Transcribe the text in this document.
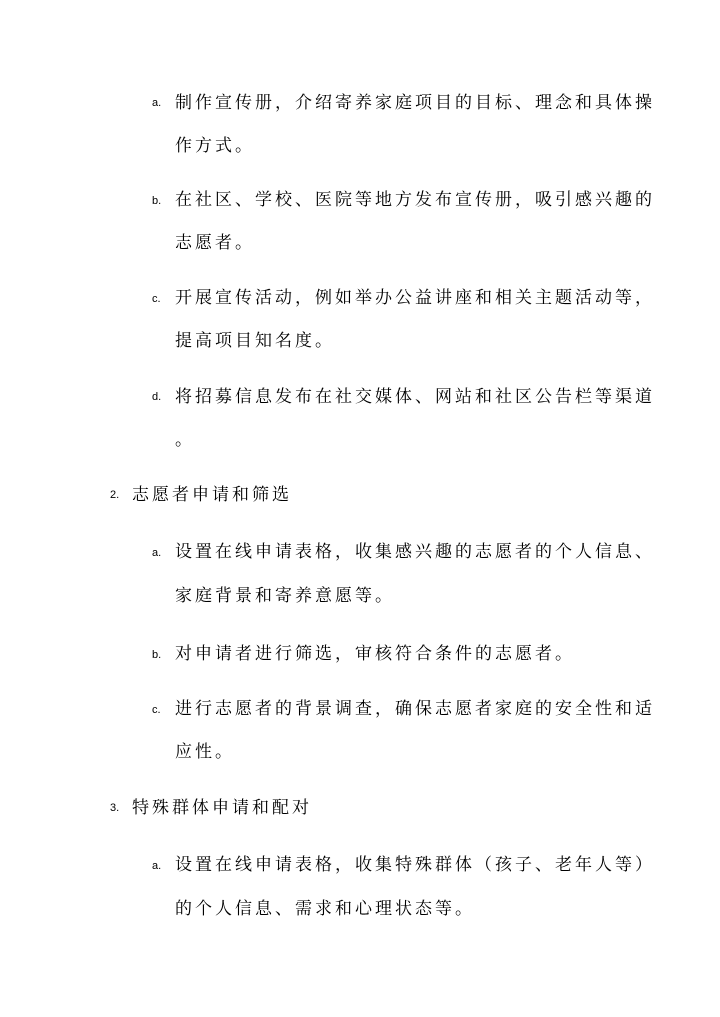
a. 制作宣传册，介绍寄养家庭项目的目标、理念和具体操
作方式。
b. 在社区、学校、医院等地方发布宣传册，吸引感兴趣的
志愿者。
c. 开展宣传活动，例如举办公益讲座和相关主题活动等，
提高项目知名度。
d. 将招募信息发布在社交媒体、网站和社区公告栏等渠道
。
2. 志愿者申请和筛选
a. 设置在线申请表格，收集感兴趣的志愿者的个人信息、
家庭背景和寄养意愿等。
b. 对申请者进行筛选，审核符合条件的志愿者。
c. 进行志愿者的背景调查，确保志愿者家庭的安全性和适
应性。
3. 特殊群体申请和配对
a. 设置在线申请表格，收集特殊群体（孩子、老年人等）
的个人信息、需求和心理状态等。
